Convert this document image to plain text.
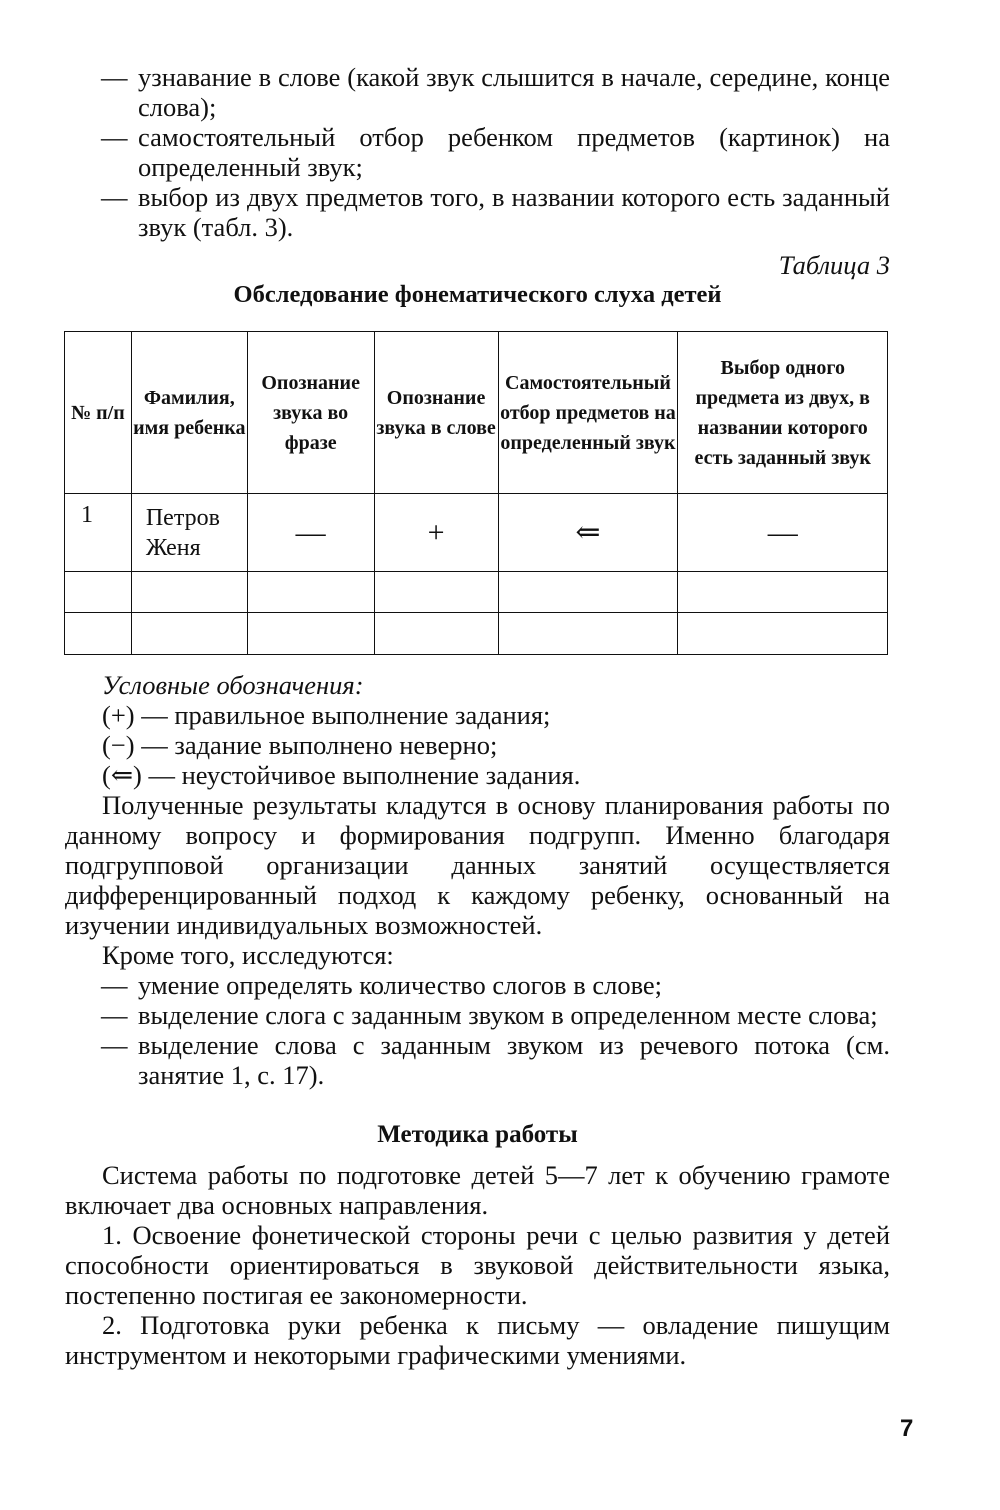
— узнавание в слове (какой звук слышится в начале, середине, конце слова);

— самостоятельный отбор ребенком предметов (картинок) на определенный звук;

— выбор из двух предметов того, в названии которого есть заданный звук (табл. 3).

Таблица 3
Обследование фонематического слуха детей
№ п/п	Фамилия, имя ребенка	Опознание звука во фразе	Опознание звука в слове	Самостоятельный отбор предметов на определенный звук	Выбор одного предмета из двух, в названии которого есть заданный звук
1	Петров Женя	—	+	⇐	—

Условные обозначения:
(+) — правильное выполнение задания;
(−) — задание выполнено неверно;
(⇐) — неустойчивое выполнение задания.

Полученные результаты кладутся в основу планирования работы по данному вопросу и формирования подгрупп. Именно благодаря подгрупповой организации данных занятий осуществляется дифференцированный подход к каждому ребенку, основанный на изучении индивидуальных возможностей.

Кроме того, исследуются:

— умение определять количество слогов в слове;

— выделение слога с заданным звуком в определенном месте слова;

— выделение слова с заданным звуком из речевого потока (см. занятие 1, с. 17).

Методика работы

Система работы по подготовке детей 5—7 лет к обучению грамоте включает два основных направления.

1. Освоение фонетической стороны речи с целью развития у детей способности ориентироваться в звуковой действительности языка, постепенно постигая ее закономерности.

2. Подготовка руки ребенка к письму — овладение пишущим инструментом и некоторыми графическими умениями.

7
